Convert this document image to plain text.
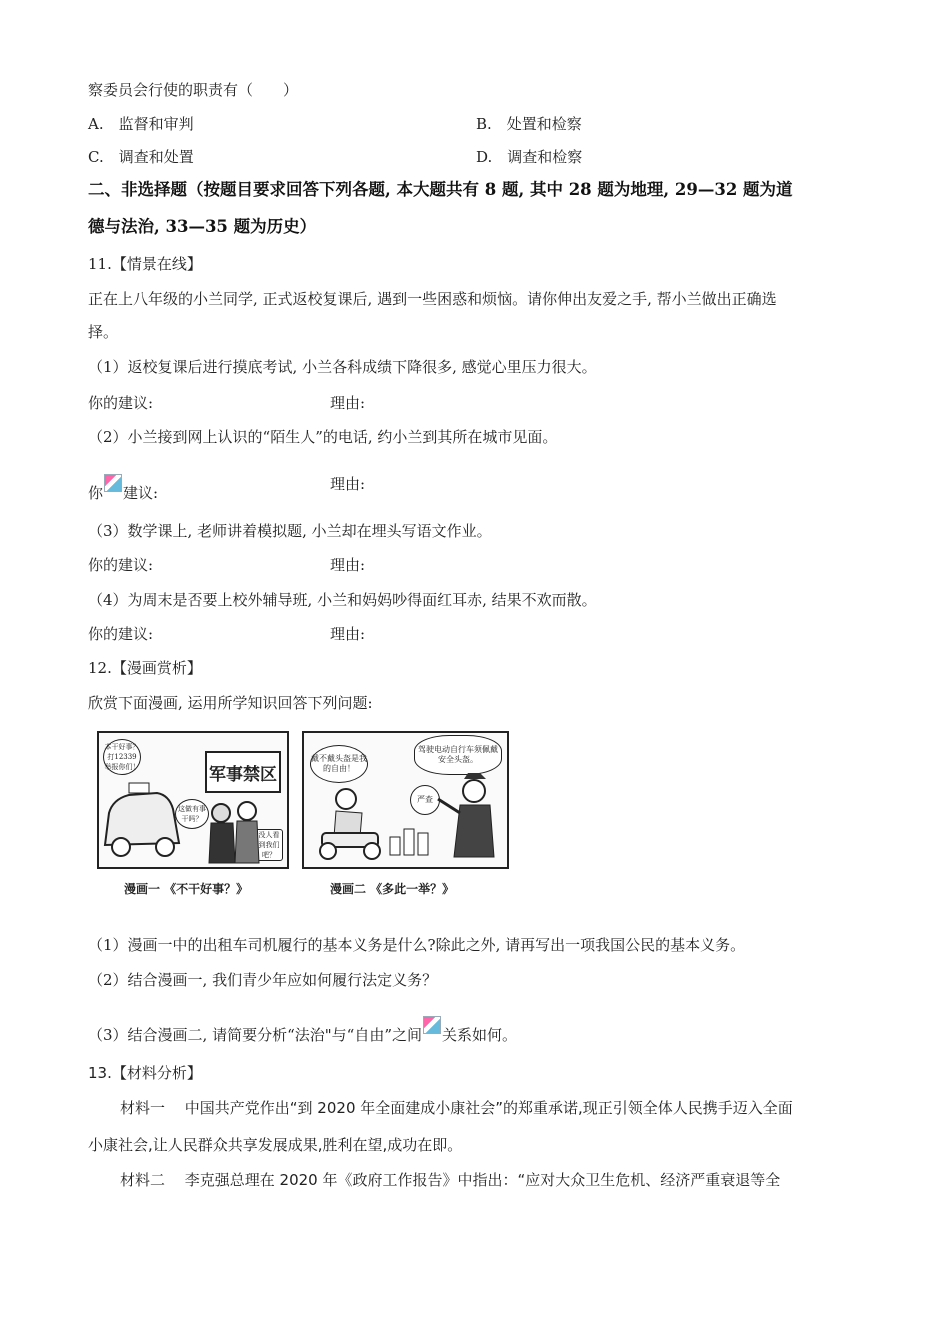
察委员会行使的职责有（　　）
A.　监督和审判	B.　处置和检察
C.　调查和处置	D.　调查和检察
二、非选择题（按题目要求回答下列各题, 本大题共有 8 题, 其中 28 题为地理, 29—32 题为道
德与法治, 33—35 题为历史）
11.【情景在线】
正在上八年级的小兰同学, 正式返校复课后, 遇到一些困惑和烦恼。请你伸出友爱之手, 帮小兰做出正确选
择。
（1）返校复课后进行摸底考试, 小兰各科成绩下降很多, 感觉心里压力很大。
你的建议:	理由:
（2）小兰接到网上认识的“陌生人”的电话, 约小兰到其所在城市见面。
你 建议:	理由:
（3）数学课上, 老师讲着模拟题, 小兰却在埋头写语文作业。
你的建议:	理由:
（4）为周末是否要上校外辅导班, 小兰和妈妈吵得面红耳赤, 结果不欢而散。
你的建议:	理由:
12.【漫画赏析】
欣赏下面漫画, 运用所学知识回答下列问题:
本干好事？打12339举报你们！	军事禁区
这做有事干吗？
没人看到我们吧？
漫画一 《不干好事？》
戴不戴头盔是我的自由！
驾驶电动自行车须佩戴安全头盔。
严查
漫画二 《多此一举？》
（1）漫画一中的出租车司机履行的基本义务是什么?除此之外, 请再写出一项我国公民的基本义务。
（2）结合漫画一, 我们青少年应如何履行法定义务？
（3）结合漫画二, 请简要分析“法治"与“自由”之间 关系如何。
13.【材料分析】
材料一　 中国共产党作出“到 2020 年全面建成小康社会”的郑重承诺,现正引领全体人民携手迈入全面
小康社会,让人民群众共享发展成果,胜利在望,成功在即。
材料二　 李克强总理在 2020 年《政府工作报告》中指出：“应对大众卫生危机、经济严重衰退等全
